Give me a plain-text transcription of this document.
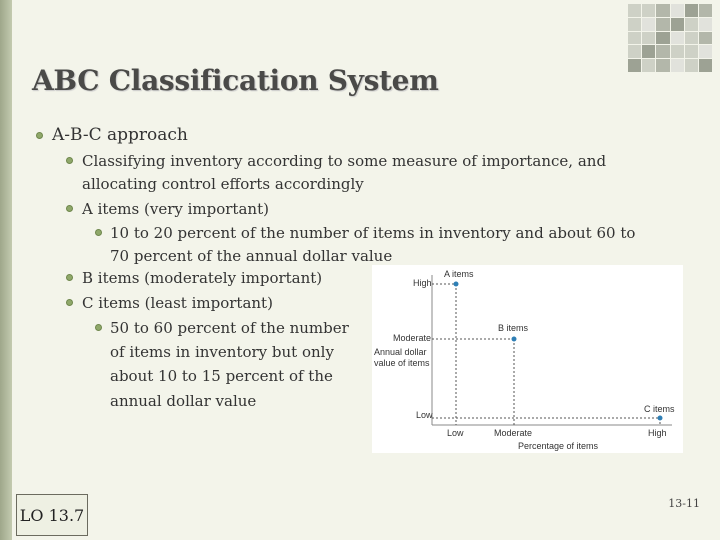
ABC Classification System
A-B-C approach
Classifying inventory according to some measure of importance, and
allocating control efforts accordingly
A items (very important)
10 to 20 percent of the number of items in inventory and about 60 to
70 percent of the annual dollar value
B items (moderately important)
C items (least important)
50 to 60 percent of the number
of items in inventory but only
about 10 to 15 percent of the
annual dollar value
A items
B items
C items
High
Moderate
Annual dollar
value of items
Low
Low	Moderate	High
Percentage of items
LO 13.7
13-11
